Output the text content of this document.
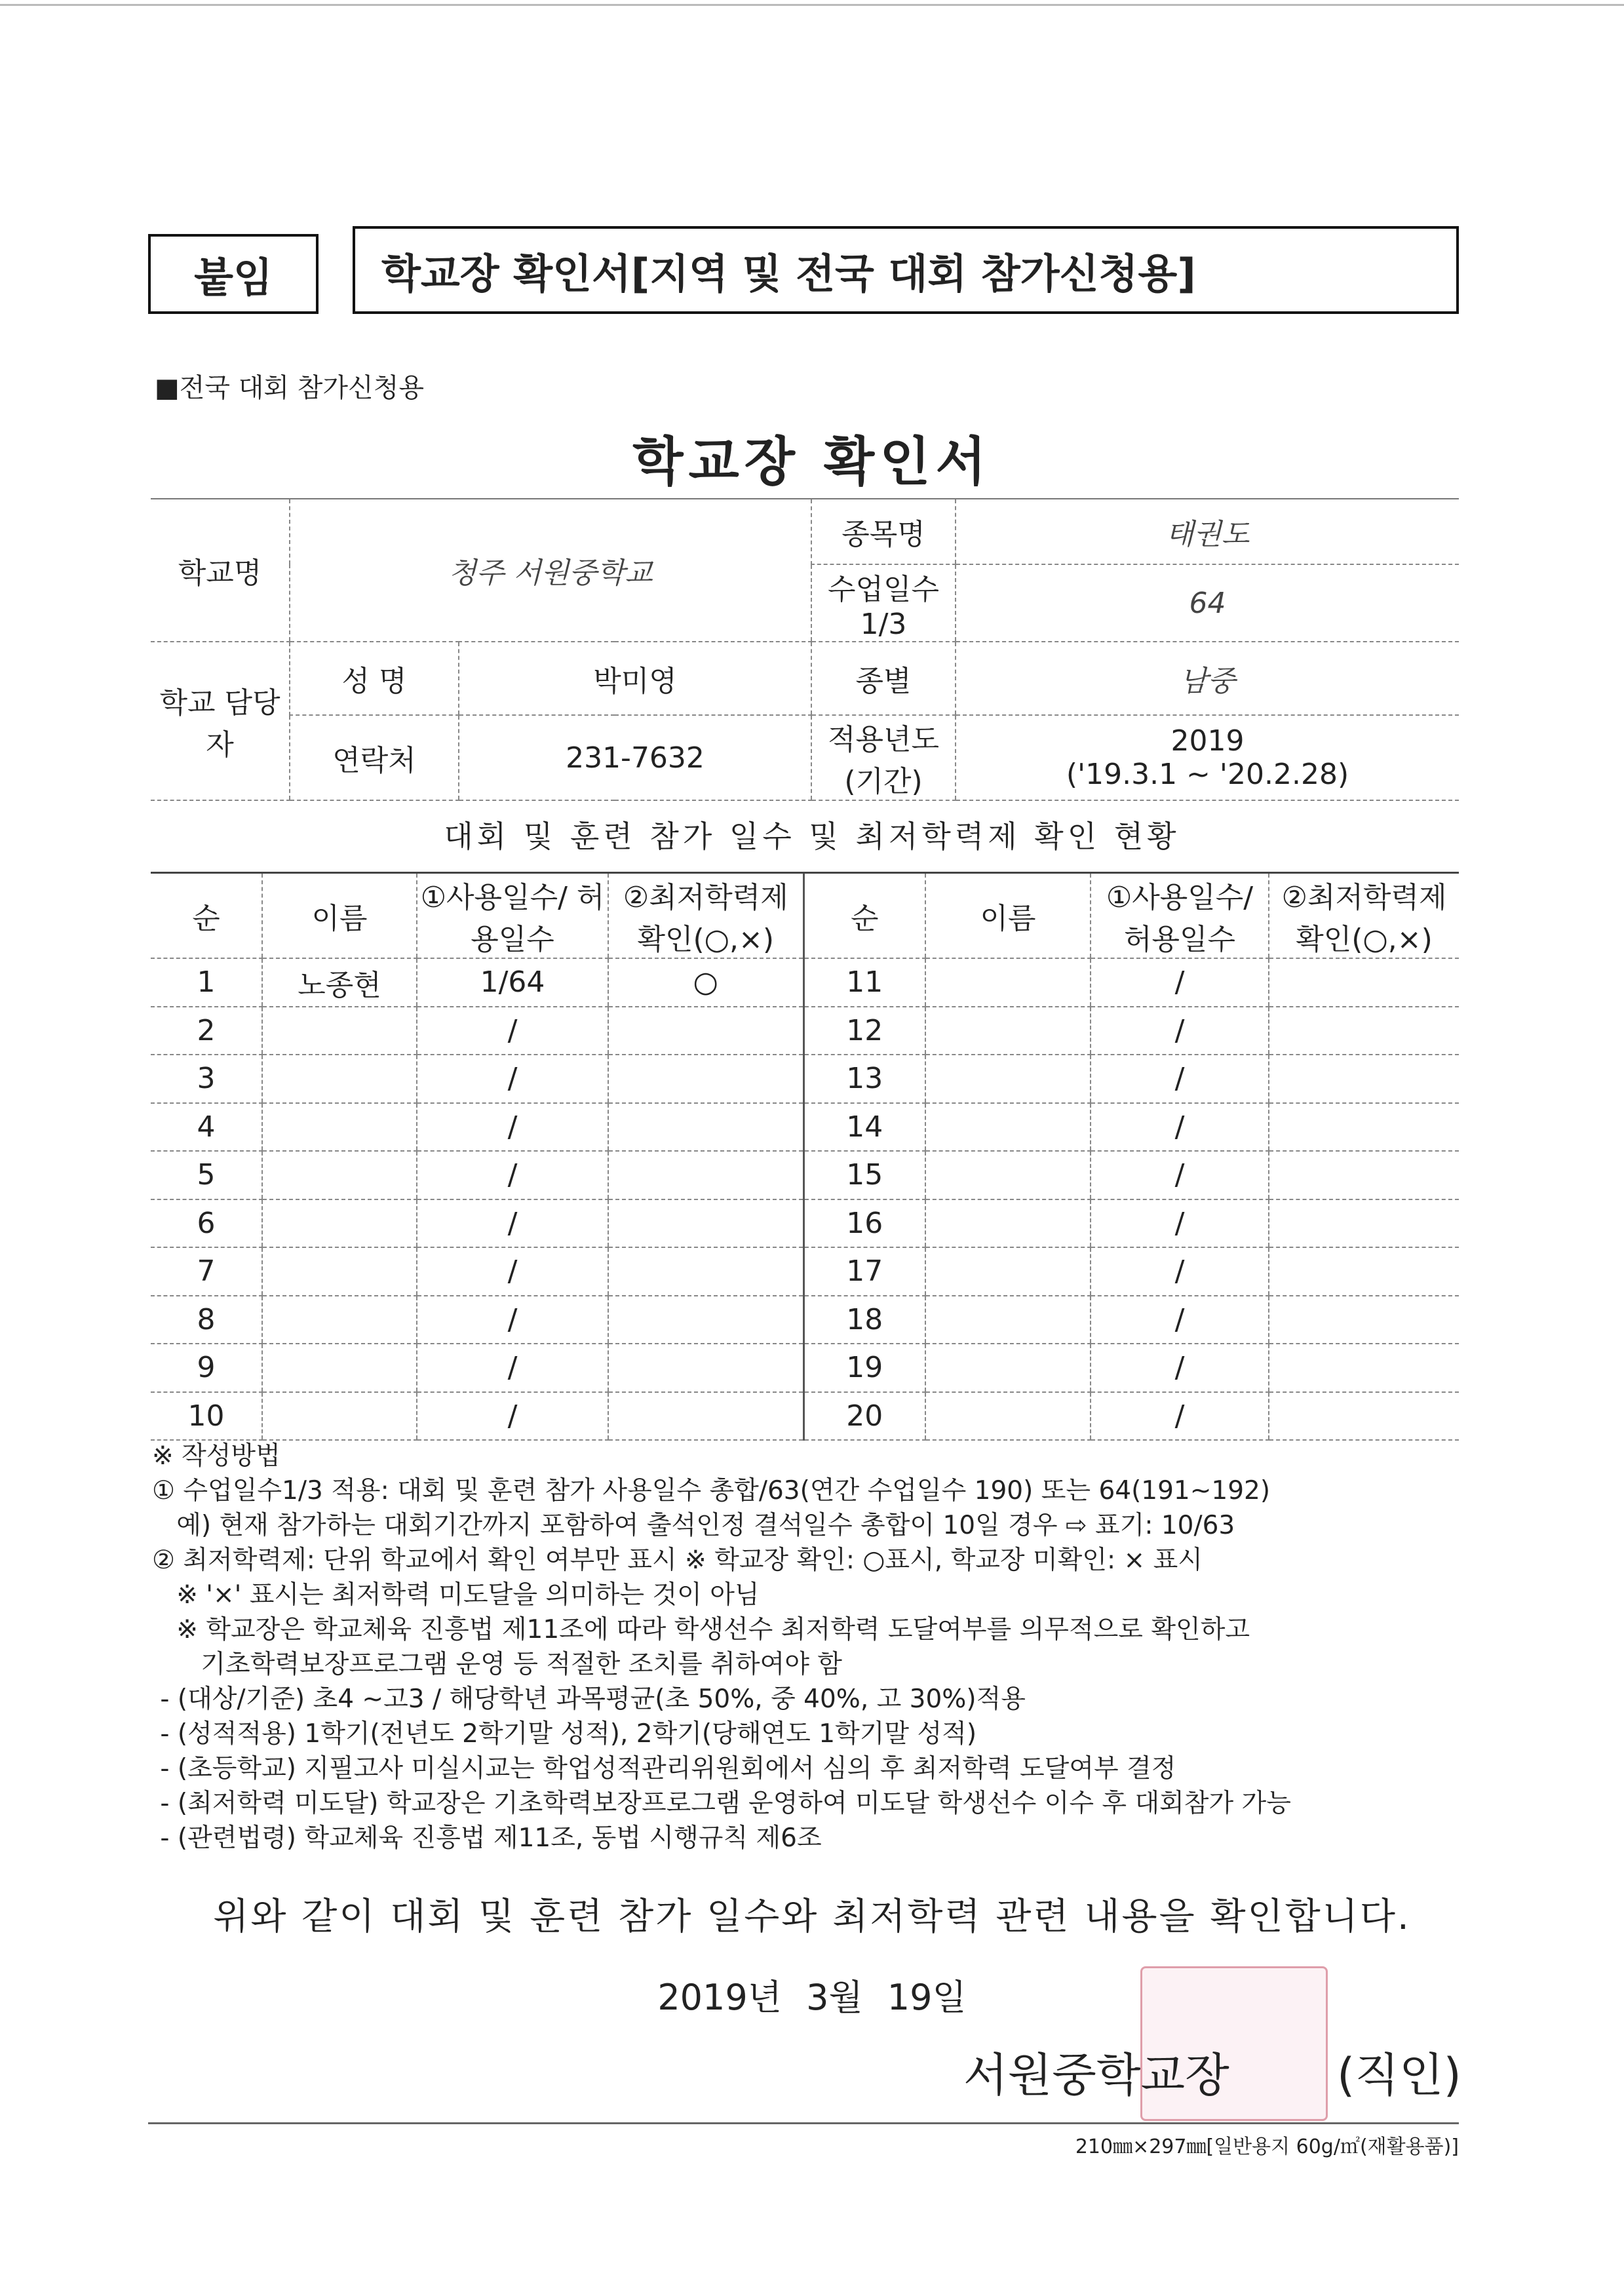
붙임	학교장 확인서[지역 및 전국 대회 참가신청용]
■전국 대회 참가신청용
학교장 확인서
학교명	청주 서원중학교		종목명	태권도
			수업일수 1/3	64
학교 담당자	성 명	박미영	종별	남중
	연락처	231-7632	적용년도 (기간)	2019
('19.3.1 ~ '20.2.28)
대회 및 훈련 참가 일수 및 최저학력제 확인 현황
순	이름	①사용일수/ 허용일수	②최저학력제 확인(○,×)	순	이름	①사용일수/ 허용일수	②최저학력제 확인(○,×)
1	노종현	1/64	○	11		/	
2		/		12		/	
3		/		13		/	
4		/		14		/	
5		/		15		/	
6		/		16		/	
7		/		17		/	
8		/		18		/	
9		/		19		/	
10		/		20		/	
※ 작성방법
① 수업일수1/3 적용: 대회 및 훈련 참가 사용일수 총합/63(연간 수업일수 190) 또는 64(191~192)
예) 현재 참가하는 대회기간까지 포함하여 출석인정 결석일수 총합이 10일 경우 ⇨ 표기: 10/63
② 최저학력제: 단위 학교에서 확인 여부만 표시 ※ 학교장 확인: ○표시, 학교장 미확인: × 표시
※ '×' 표시는 최저학력 미도달을 의미하는 것이 아님
※ 학교장은 학교체육 진흥법 제11조에 따라 학생선수 최저학력 도달여부를 의무적으로 확인하고
기초학력보장프로그램 운영 등 적절한 조치를 취하여야 함
- (대상/기준) 초4 ~고3 / 해당학년 과목평균(초 50%, 중 40%, 고 30%)적용
- (성적적용) 1학기(전년도 2학기말 성적), 2학기(당해연도 1학기말 성적)
- (초등학교) 지필고사 미실시교는 학업성적관리위원회에서 심의 후 최저학력 도달여부 결정
- (최저학력 미도달) 학교장은 기초학력보장프로그램 운영하여 미도달 학생선수 이수 후 대회참가 가능
- (관련법령) 학교체육 진흥법 제11조, 동법 시행규칙 제6조
위와 같이 대회 및 훈련 참가 일수와 최저학력 관련 내용을 확인합니다.
2019년 3월 19일
서원중학교장 (직인)
210㎜×297㎜[일반용지 60g/㎡(재활용품)]
